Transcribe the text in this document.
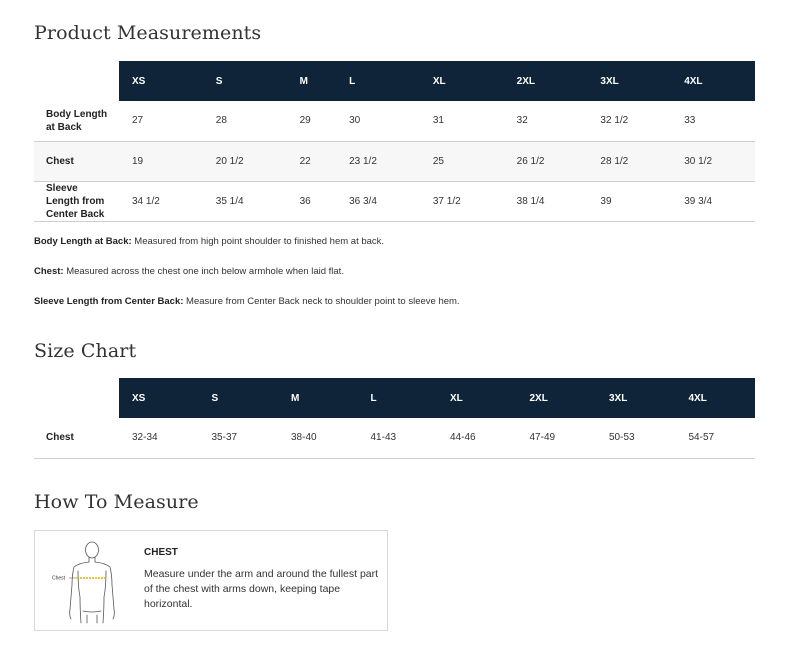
Product Measurements
	XS	S	M	L	XL	2XL	3XL	4XL
Body Length
at Back	27	28	29	30	31	32	32 1/2	33
Chest	19	20 1/2	22	23 1/2	25	26 1/2	28 1/2	30 1/2
Sleeve
Length from
Center Back	34 1/2	35 1/4	36	36 3/4	37 1/2	38 1/4	39	39 3/4

Body Length at Back: Measured from high point shoulder to finished hem at back.

Chest: Measured across the chest one inch below armhole when laid flat.

Sleeve Length from Center Back: Measure from Center Back neck to shoulder point to sleeve hem.

Size Chart
	XS	S	M	L	XL	2XL	3XL	4XL
Chest	32-34	35-37	38-40	41-43	44-46	47-49	50-53	54-57
How To Measure
Chest
CHEST
Measure under the arm and around the fullest part of the chest with arms down, keeping tape horizontal.
